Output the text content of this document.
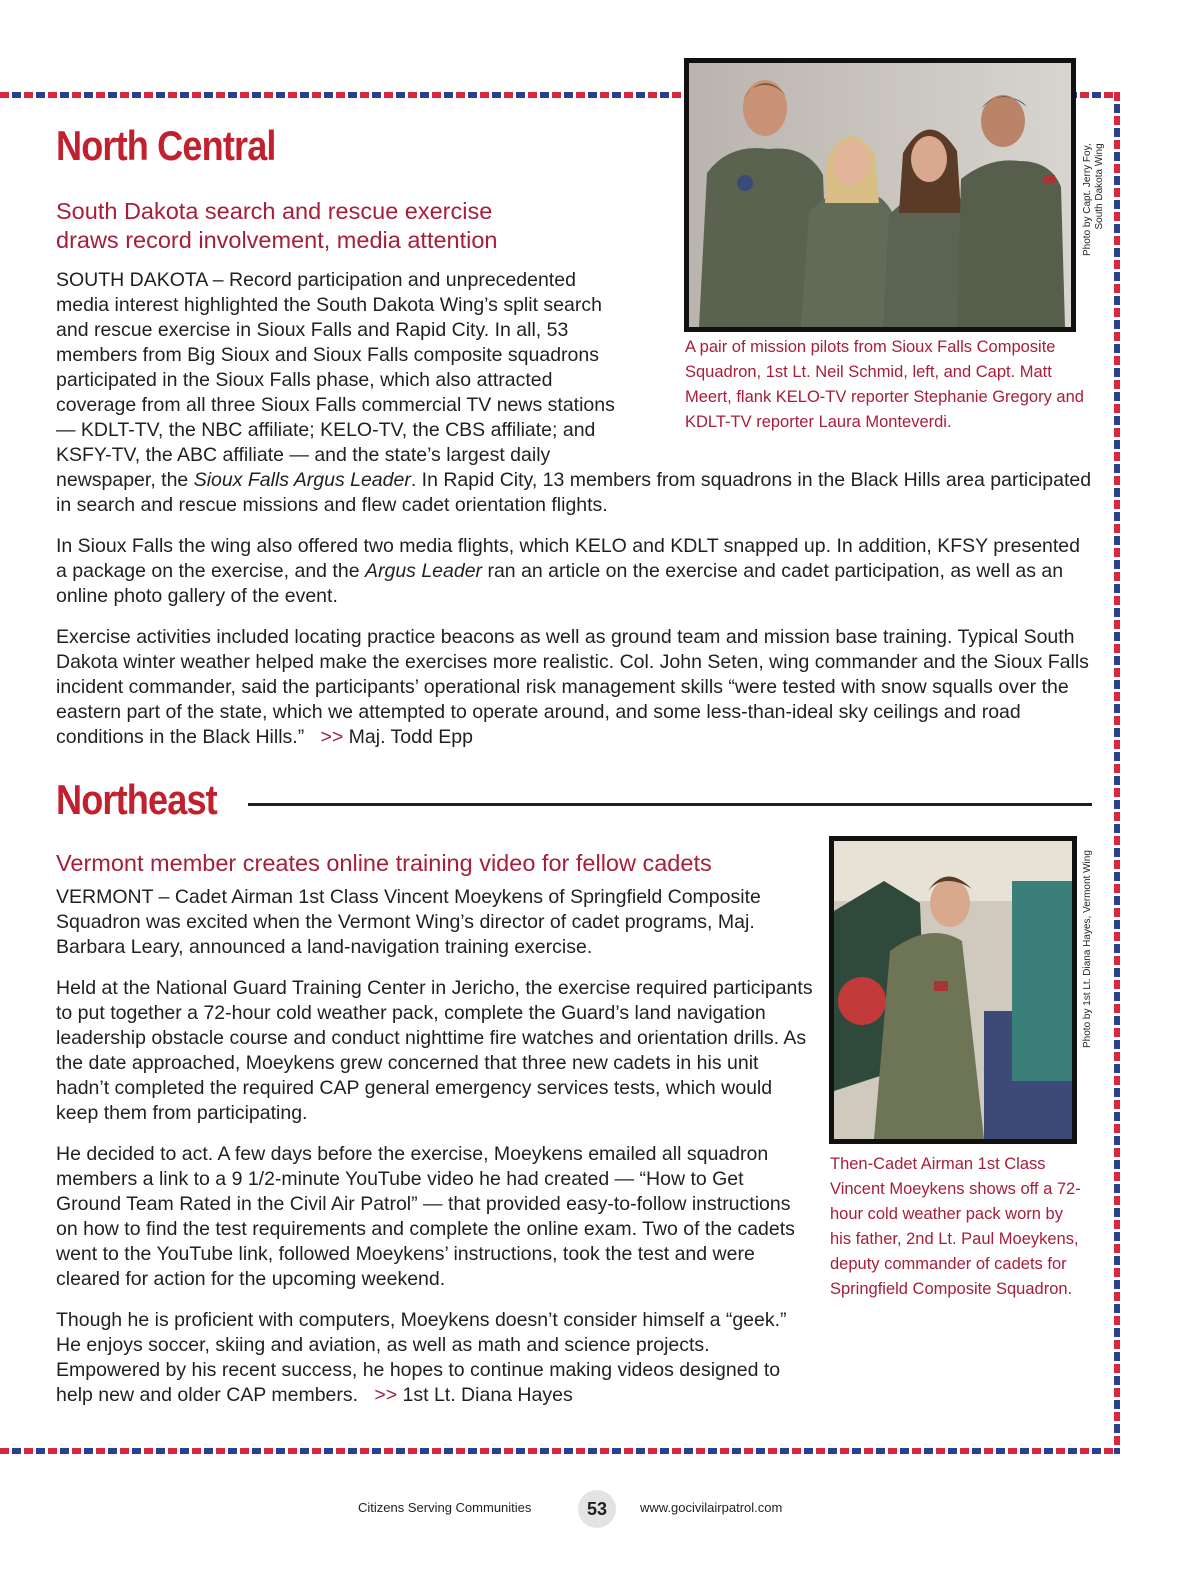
North Central
South Dakota search and rescue exercise
draws record involvement, media attention
SOUTH DAKOTA – Record participation and unprecedented
media interest highlighted the South Dakota Wing’s split search
and rescue exercise in Sioux Falls and Rapid City. In all, 53
members from Big Sioux and Sioux Falls composite squadrons
participated in the Sioux Falls phase, which also attracted
coverage from all three Sioux Falls commercial TV news stations
— KDLT-TV, the NBC affiliate; KELO-TV, the CBS affiliate; and
KSFY-TV, the ABC affiliate — and the state’s largest daily
newspaper, the Sioux Falls Argus Leader. In Rapid City, 13 members from squadrons in the Black Hills area participated in search and rescue missions and flew cadet orientation flights.

In Sioux Falls the wing also offered two media flights, which KELO and KDLT snapped up. In addition, KFSY presented a package on the exercise, and the Argus Leader ran an article on the exercise and cadet participation, as well as an online photo gallery of the event.

Exercise activities included locating practice beacons as well as ground team and mission base training. Typical South Dakota winter weather helped make the exercises more realistic. Col. John Seten, wing commander and the Sioux Falls incident commander, said the participants’ operational risk management skills “were tested with snow squalls over the eastern part of the state, which we attempted to operate around, and some less-than-ideal sky ceilings and road conditions in the Black Hills.” >> Maj. Todd Epp

Photo by Capt. Jerry Foy, South Dakota Wing
A pair of mission pilots from Sioux Falls Composite Squadron, 1st Lt. Neil Schmid, left, and Capt. Matt Meert, flank KELO-TV reporter Stephanie Gregory and KDLT-TV reporter Laura Monteverdi.
Northeast
Vermont member creates online training video for fellow cadets

VERMONT – Cadet Airman 1st Class Vincent Moeykens of Springfield Composite Squadron was excited when the Vermont Wing’s director of cadet programs, Maj. Barbara Leary, announced a land-navigation training exercise.

Held at the National Guard Training Center in Jericho, the exercise required participants to put together a 72-hour cold weather pack, complete the Guard’s land navigation leadership obstacle course and conduct nighttime fire watches and orientation drills. As the date approached, Moeykens grew concerned that three new cadets in his unit hadn’t completed the required CAP general emergency services tests, which would keep them from participating.

He decided to act. A few days before the exercise, Moeykens emailed all squadron members a link to a 9 1/2-minute YouTube video he had created — “How to Get Ground Team Rated in the Civil Air Patrol” — that provided easy-to-follow instructions on how to find the test requirements and complete the online exam. Two of the cadets went to the YouTube link, followed Moeykens’ instructions, took the test and were cleared for action for the upcoming weekend.

Though he is proficient with computers, Moeykens doesn’t consider himself a “geek.” He enjoys soccer, skiing and aviation, as well as math and science projects. Empowered by his recent success, he hopes to continue making videos designed to help new and older CAP members. >> 1st Lt. Diana Hayes

Photo by 1st Lt. Diana Hayes, Vermont Wing
Then-Cadet Airman 1st Class Vincent Moeykens shows off a 72-hour cold weather pack worn by his father, 2nd Lt. Paul Moeykens, deputy commander of cadets for Springfield Composite Squadron.
Citizens Serving Communities	53	www.gocivilairpatrol.com
